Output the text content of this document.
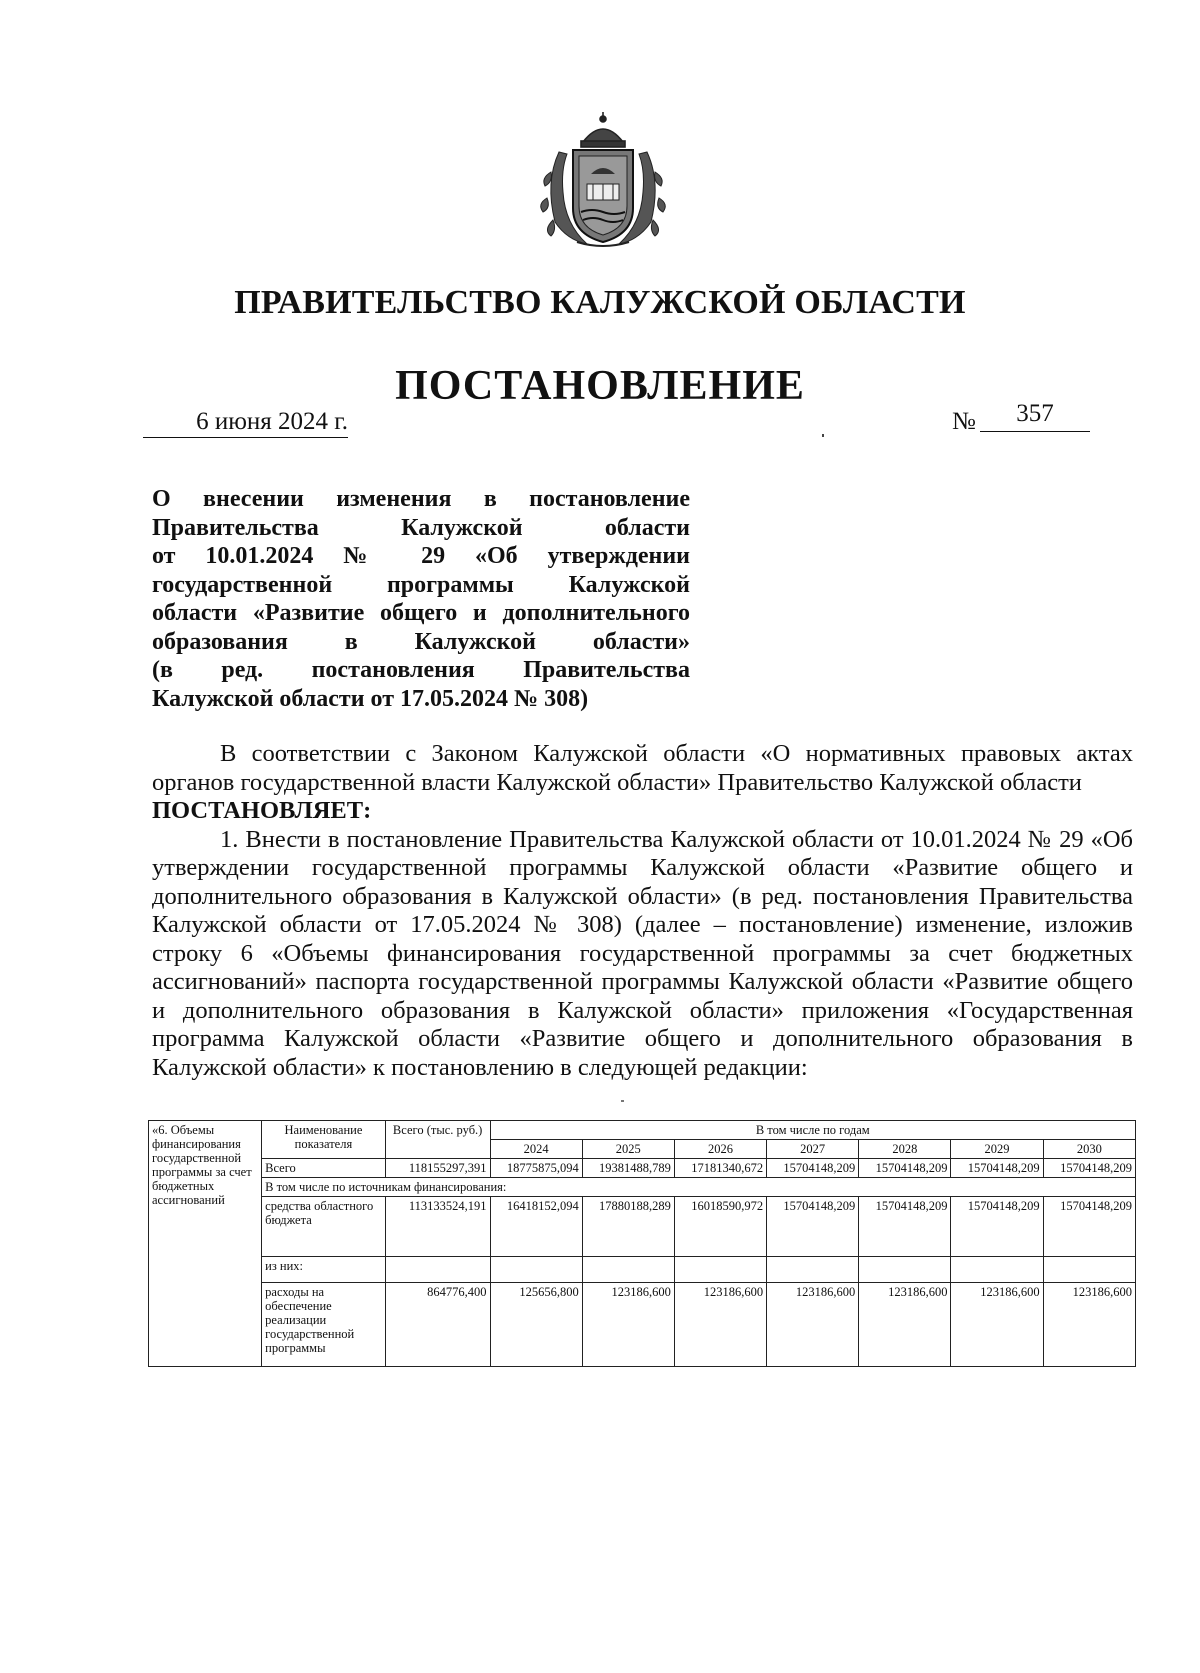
ПРАВИТЕЛЬСТВО КАЛУЖСКОЙ ОБЛАСТИ
ПОСТАНОВЛЕНИЕ
6 июня 2024 г.	№	357
О внесении изменения в постановление
Правительства Калужской области
от 10.01.2024 № 29 «Об утверждении
государственной программы Калужской
области «Развитие общего и дополнительного
образования в Калужской области»
(в ред. постановления Правительства
Калужской области от 17.05.2024 № 308)

В соответствии с Законом Калужской области «О нормативных правовых актах органов государственной власти Калужской области» Правительство Калужской области

ПОСТАНОВЛЯЕТ:

1. Внести в постановление Правительства Калужской области от 10.01.2024 № 29 «Об утверждении государственной программы Калужской области «Развитие общего и дополнительного образования в Калужской области» (в ред. постановления Правительства Калужской области от 17.05.2024 № 308) (далее – постановление) изменение, изложив строку 6 «Объемы финансирования государственной программы за счет бюджетных ассигнований» паспорта государственной программы Калужской области «Развитие общего и дополнительного образования в Калужской области» приложения «Государственная программа Калужской области «Развитие общего и дополнительного образования в Калужской области» к постановлению в следующей редакции:

«6. Объемы финансирования государственной программы за счет бюджетных ассигнований	Наименование показателя	Всего (тыс. руб.)	В том числе по годам						
			2024	2025	2026	2027	2028	2029	2030
	Всего	118155297,391	18775875,094	19381488,789	17181340,672	15704148,209	15704148,209	15704148,209	15704148,209
	В том числе по источникам финансирования:								
	средства областного бюджета	113133524,191	16418152,094	17880188,289	16018590,972	15704148,209	15704148,209	15704148,209	15704148,209
	из них:								
	расходы на обеспечение реализации государственной программы	864776,400	125656,800	123186,600	123186,600	123186,600	123186,600	123186,600	123186,600
